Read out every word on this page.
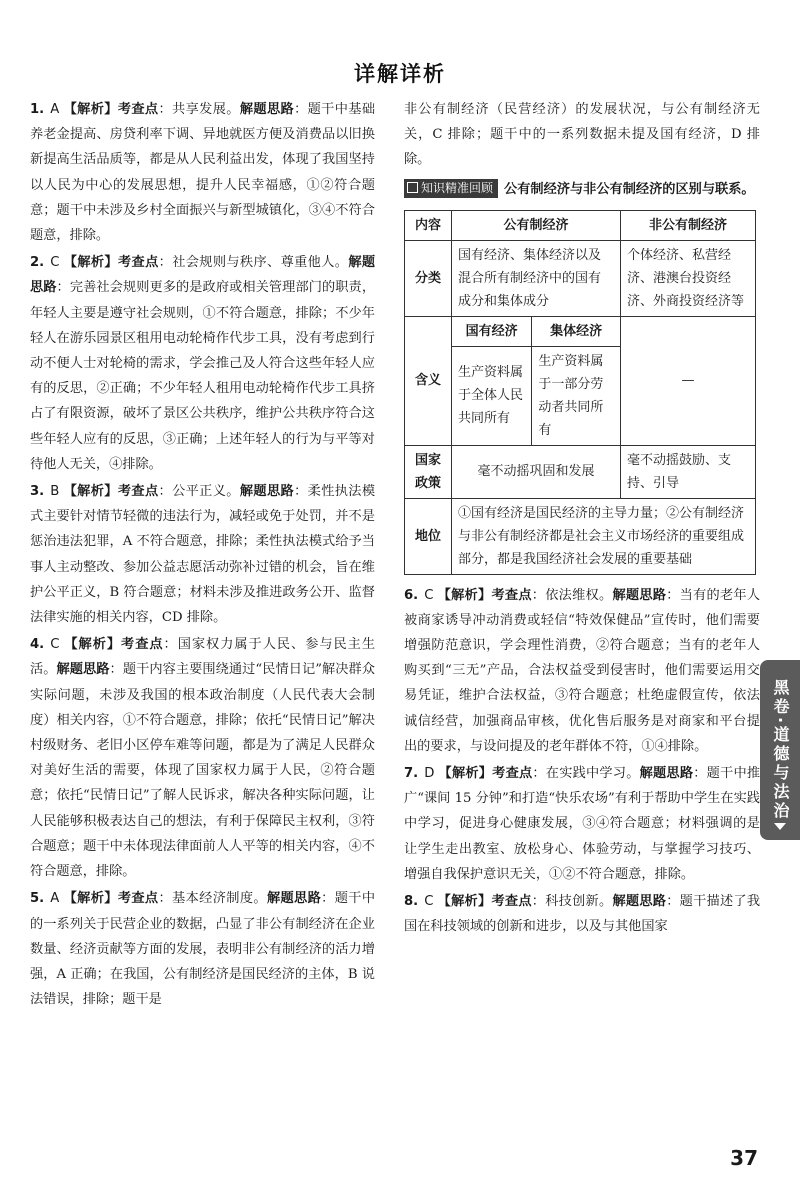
详解详析

1. A 【解析】考查点：共享发展。解题思路：题干中基础养老金提高、房贷利率下调、异地就医方便及消费品以旧换新提高生活品质等，都是从人民利益出发，体现了我国坚持以人民为中心的发展思想，提升人民幸福感，①②符合题意；题干中未涉及乡村全面振兴与新型城镇化，③④不符合题意，排除。

2. C 【解析】考查点：社会规则与秩序、尊重他人。解题思路：完善社会规则更多的是政府或相关管理部门的职责，年轻人主要是遵守社会规则，①不符合题意，排除；不少年轻人在游乐园景区租用电动轮椅作代步工具，没有考虑到行动不便人士对轮椅的需求，学会推己及人符合这些年轻人应有的反思，②正确；不少年轻人租用电动轮椅作代步工具挤占了有限资源，破坏了景区公共秩序，维护公共秩序符合这些年轻人应有的反思，③正确；上述年轻人的行为与平等对待他人无关，④排除。

3. B 【解析】考查点：公平正义。解题思路：柔性执法模式主要针对情节轻微的违法行为，减轻或免于处罚，并不是惩治违法犯罪，A 不符合题意，排除；柔性执法模式给予当事人主动整改、参加公益志愿活动弥补过错的机会，旨在维护公平正义，B 符合题意；材料未涉及推进政务公开、监督法律实施的相关内容，CD 排除。

4. C 【解析】考查点：国家权力属于人民、参与民主生活。解题思路：题干内容主要围绕通过“民情日记”解决群众实际问题，未涉及我国的根本政治制度（人民代表大会制度）相关内容，①不符合题意，排除；依托“民情日记”解决村级财务、老旧小区停车难等问题，都是为了满足人民群众对美好生活的需要，体现了国家权力属于人民，②符合题意；依托“民情日记”了解人民诉求，解决各种实际问题，让人民能够积极表达自己的想法，有利于保障民主权利，③符合题意；题干中未体现法律面前人人平等的相关内容，④不符合题意，排除。

5. A 【解析】考查点：基本经济制度。解题思路：题干中的一系列关于民营企业的数据，凸显了非公有制经济在企业数量、经济贡献等方面的发展，表明非公有制经济的活力增强，A 正确；在我国，公有制经济是国民经济的主体，B 说法错误，排除；题干是

非公有制经济（民营经济）的发展状况，与公有制经济无关，C 排除；题干中的一系列数据未提及国有经济，D 排除。

知识精准回顾 公有制经济与非公有制经济的区别与联系。
内容	公有制经济		非公有制经济
分类	国有经济、集体经济以及混合所有制经济中的国有成分和集体成分		个体经济、私营经济、港澳台投资经济、外商投资经济等
含义	国有经济	集体经济	—
	生产资料属于全体人民共同所有	生产资料属于一部分劳动者共同所有	
国家政策	毫不动摇巩固和发展		毫不动摇鼓励、支持、引导
地位	①国有经济是国民经济的主导力量；②公有制经济与非公有制经济都是社会主义市场经济的重要组成部分，都是我国经济社会发展的重要基础		

6. C 【解析】考查点：依法维权。解题思路：当有的老年人被商家诱导冲动消费或轻信“特效保健品”宣传时，他们需要增强防范意识，学会理性消费，②符合题意；当有的老年人购买到“三无”产品，合法权益受到侵害时，他们需要运用交易凭证，维护合法权益，③符合题意；杜绝虚假宣传，依法诚信经营，加强商品审核，优化售后服务是对商家和平台提出的要求，与设问提及的老年群体不符，①④排除。

7. D 【解析】考查点：在实践中学习。解题思路：题干中推广“课间 15 分钟”和打造“快乐农场”有利于帮助中学生在实践中学习，促进身心健康发展，③④符合题意；材料强调的是让学生走出教室、放松身心、体验劳动，与掌握学习技巧、增强自我保护意识无关，①②不符合题意，排除。

8. C 【解析】考查点：科技创新。解题思路：题干描述了我国在科技领域的创新和进步，以及与其他国家

黑卷·道德与法治
37
